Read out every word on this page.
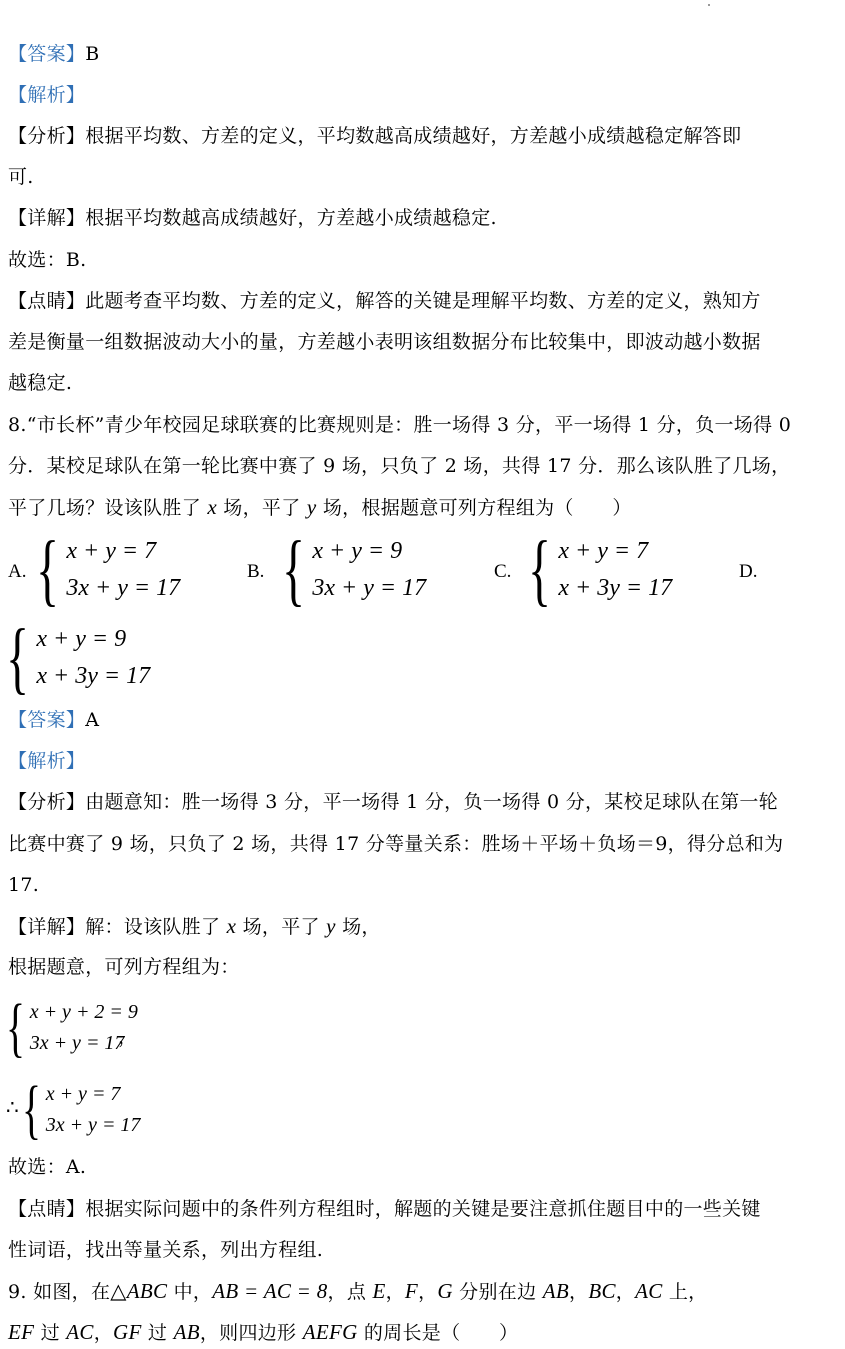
【答案】B
【解析】
【分析】根据平均数、方差的定义，平均数越高成绩越好，方差越小成绩越稳定解答即
可.
【详解】根据平均数越高成绩越好，方差越小成绩越稳定.
故选：B.
【点睛】此题考查平均数、方差的定义，解答的关键是理解平均数、方差的定义，熟知方
差是衡量一组数据波动大小的量，方差越小表明该组数据分布比较集中，即波动越小数据
越稳定.
8.“市长杯”青少年校园足球联赛的比赛规则是：胜一场得 3 分，平一场得 1 分，负一场得 0
分．某校足球队在第一轮比赛中赛了 9 场，只负了 2 场，共得 17 分．那么该队胜了几场，
平了几场？设该队胜了 x 场，平了 y 场，根据题意可列方程组为（　　）
A. { x + y = 7
3x + y = 17
B. { x + y = 9
3x + y = 17
C. { x + y = 7
x + 3y = 17
D.
{ x + y = 9
x + 3y = 17
【答案】A
【解析】
【分析】由题意知：胜一场得 3 分，平一场得 1 分，负一场得 0 分，某校足球队在第一轮
比赛中赛了 9 场，只负了 2 场，共得 17 分等量关系：胜场＋平场＋负场＝9，得分总和为
17.
【详解】解：设该队胜了 x 场，平了 y 场，
根据题意，可列方程组为：
{ x + y + 2 = 9
3x + y = 17
，
∴ { x + y = 7
3x + y = 17
故选：A.
【点睛】根据实际问题中的条件列方程组时，解题的关键是要注意抓住题目中的一些关键
性词语，找出等量关系，列出方程组.
9. 如图，在△ABC 中，AB = AC = 8，点 E，F，G 分别在边 AB，BC，AC 上，
EF 过 AC，GF 过 AB，则四边形 AEFG 的周长是（　　）
